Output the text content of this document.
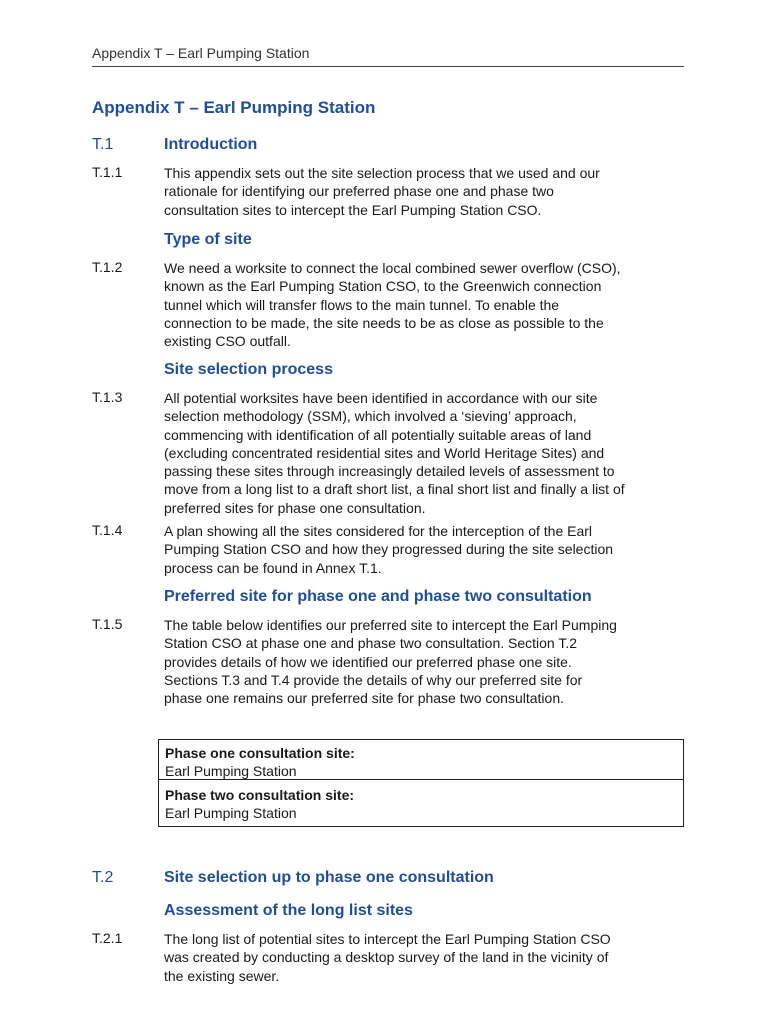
Appendix T – Earl Pumping Station
Appendix T – Earl Pumping Station
T.1	Introduction
T.1.1	This appendix sets out the site selection process that we used and our
rationale for identifying our preferred phase one and phase two
consultation sites to intercept the Earl Pumping Station CSO.
Type of site
T.1.2	We need a worksite to connect the local combined sewer overflow (CSO),
known as the Earl Pumping Station CSO, to the Greenwich connection
tunnel which will transfer flows to the main tunnel. To enable the
connection to be made, the site needs to be as close as possible to the
existing CSO outfall.
Site selection process
T.1.3	All potential worksites have been identified in accordance with our site
selection methodology (SSM), which involved a ‘sieving’ approach,
commencing with identification of all potentially suitable areas of land
(excluding concentrated residential sites and World Heritage Sites) and
passing these sites through increasingly detailed levels of assessment to
move from a long list to a draft short list, a final short list and finally a list of
preferred sites for phase one consultation.
T.1.4	A plan showing all the sites considered for the interception of the Earl
Pumping Station CSO and how they progressed during the site selection
process can be found in Annex T.1.
Preferred site for phase one and phase two consultation
T.1.5	The table below identifies our preferred site to intercept the Earl Pumping
Station CSO at phase one and phase two consultation. Section T.2
provides details of how we identified our preferred phase one site.
Sections T.3 and T.4 provide the details of why our preferred site for
phase one remains our preferred site for phase two consultation.
Phase one consultation site:
Earl Pumping Station
Phase two consultation site:
Earl Pumping Station
T.2	Site selection up to phase one consultation
Assessment of the long list sites
T.2.1	The long list of potential sites to intercept the Earl Pumping Station CSO
was created by conducting a desktop survey of the land in the vicinity of
the existing sewer.
